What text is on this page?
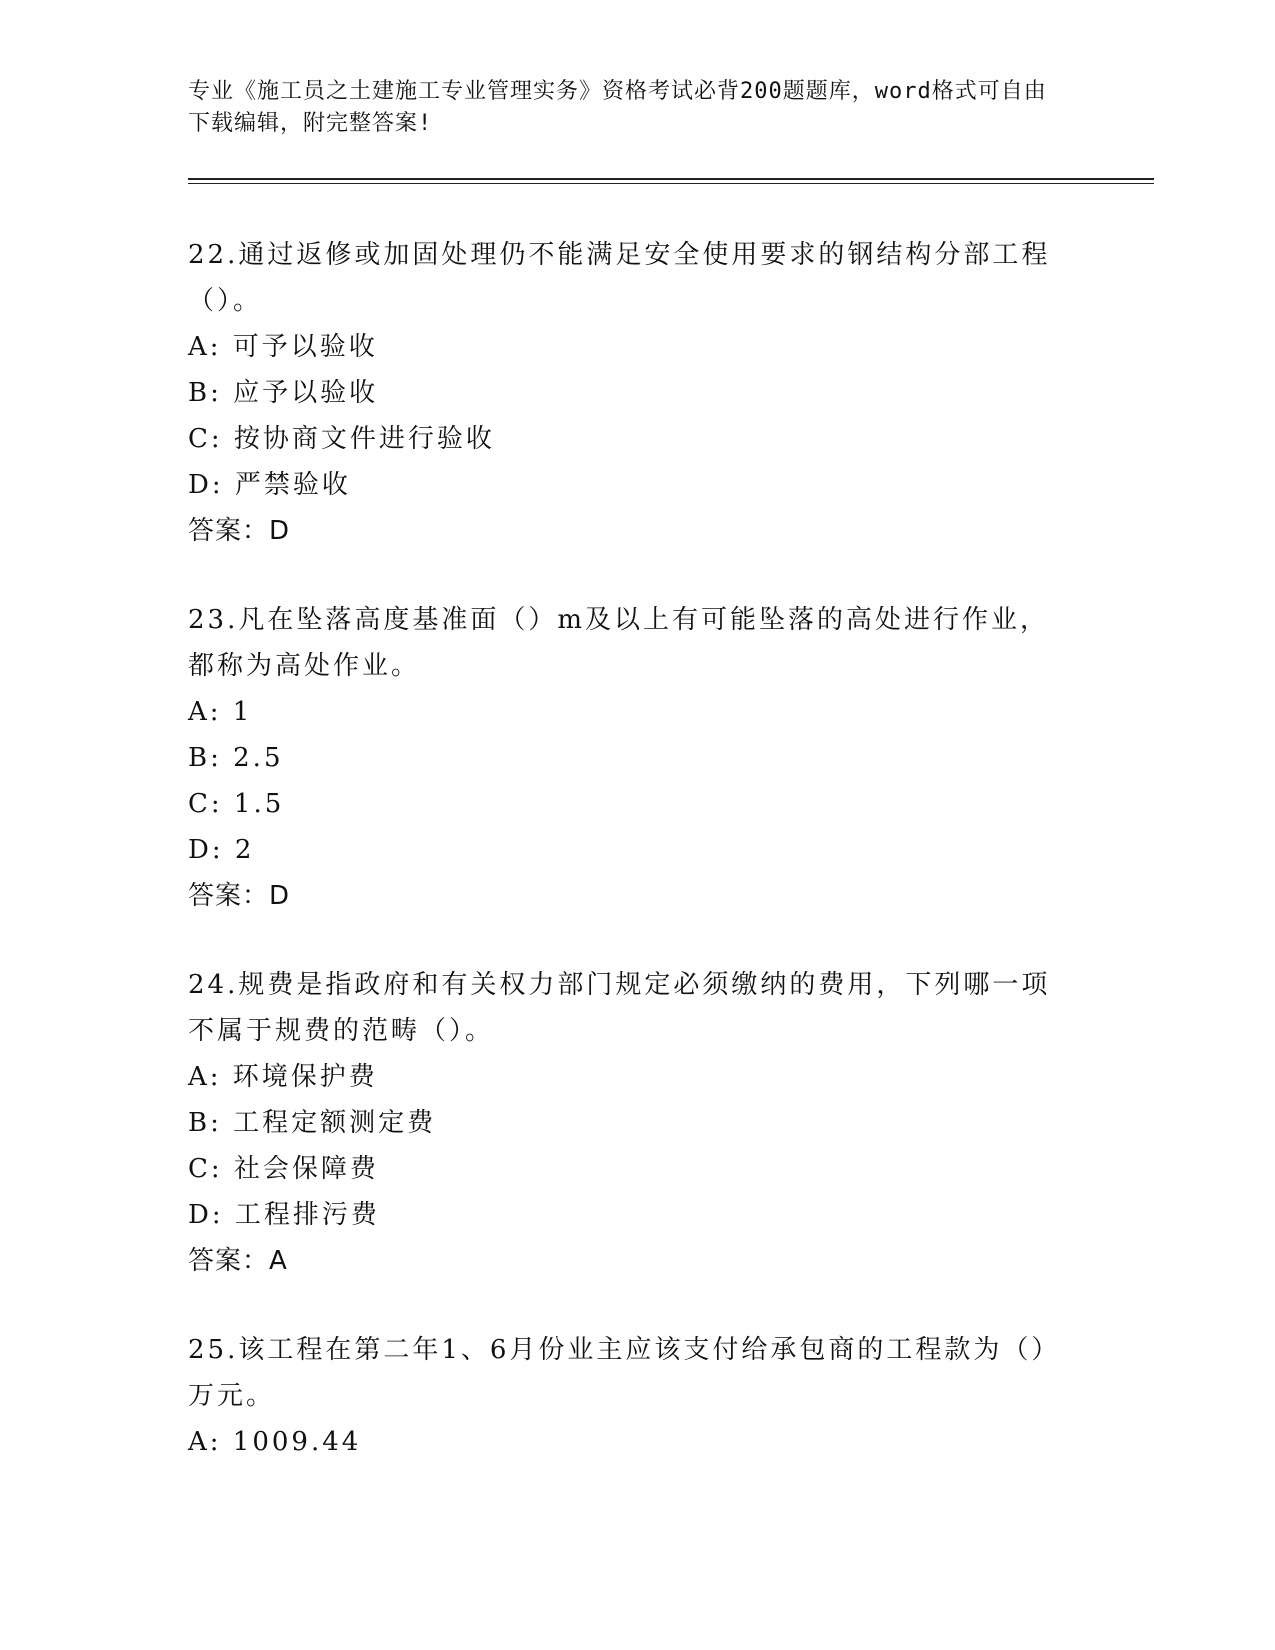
专业《施工员之土建施工专业管理实务》资格考试必背200题题库，word格式可自由下载编辑，附完整答案!

22.通过返修或加固处理仍不能满足安全使用要求的钢结构分部工程（）。

A: 可予以验收

B: 应予以验收

C: 按协商文件进行验收

D: 严禁验收

答案：D

23.凡在坠落高度基准面（）m及以上有可能坠落的高处进行作业，都称为高处作业。

A: 1

B: 2.5

C: 1.5

D: 2

答案：D

24.规费是指政府和有关权力部门规定必须缴纳的费用，下列哪一项不属于规费的范畴（）。

A: 环境保护费

B: 工程定额测定费

C: 社会保障费

D: 工程排污费

答案：A

25.该工程在第二年1、6月份业主应该支付给承包商的工程款为（）万元。

A: 1009.44
